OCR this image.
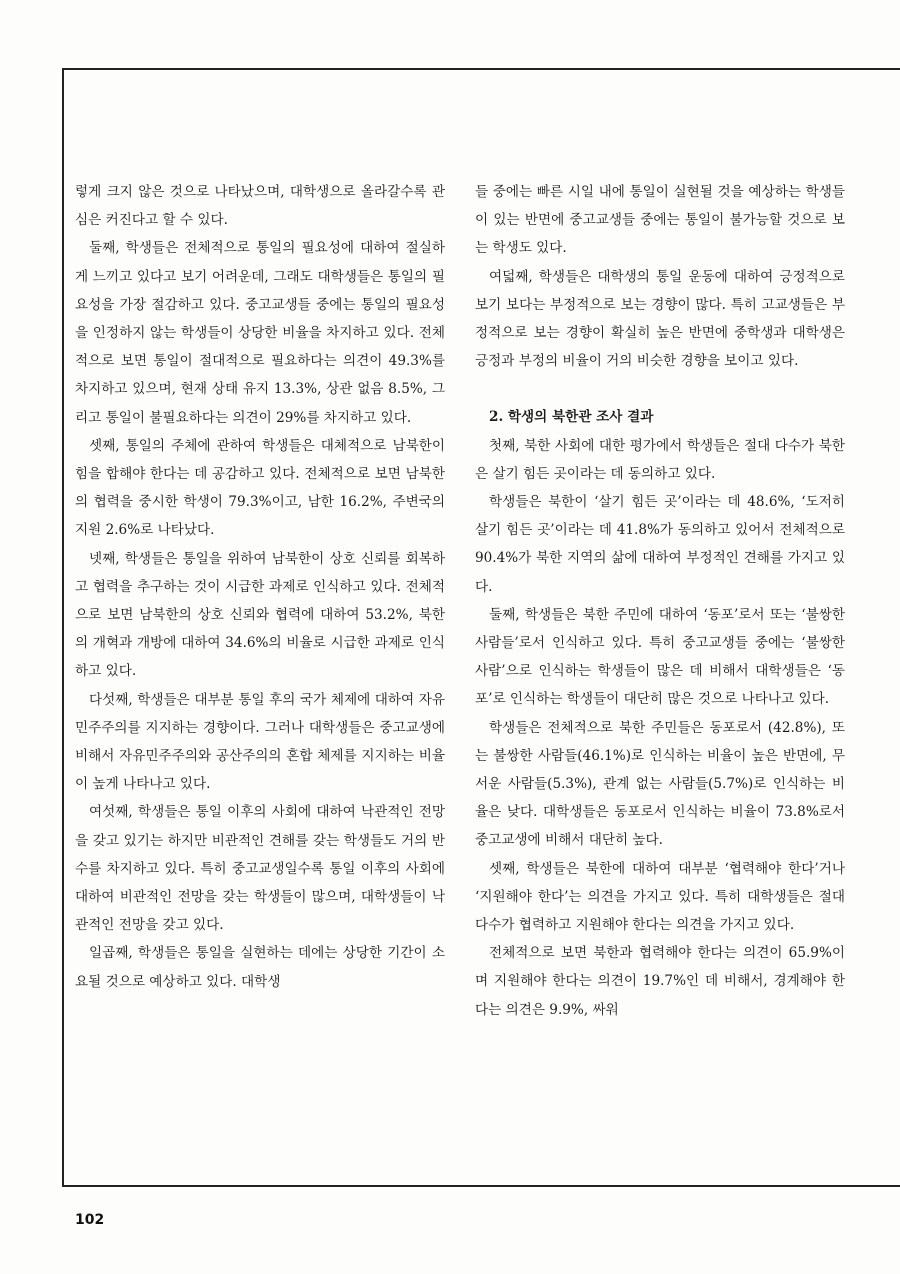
렇게 크지 않은 것으로 나타났으며, 대학생으로 올라갈수록 관심은 커진다고 할 수 있다.

둘째, 학생들은 전체적으로 통일의 필요성에 대하여 절실하게 느끼고 있다고 보기 어려운데, 그래도 대학생들은 통일의 필요성을 가장 절감하고 있다. 중고교생들 중에는 통일의 필요성을 인정하지 않는 학생들이 상당한 비율을 차지하고 있다. 전체적으로 보면 통일이 절대적으로 필요하다는 의견이 49.3%를 차지하고 있으며, 현재 상태 유지 13.3%, 상관 없음 8.5%, 그리고 통일이 불필요하다는 의견이 29%를 차지하고 있다.

셋째, 통일의 주체에 관하여 학생들은 대체적으로 남북한이 힘을 합해야 한다는 데 공감하고 있다. 전체적으로 보면 남북한의 협력을 중시한 학생이 79.3%이고, 남한 16.2%, 주변국의 지원 2.6%로 나타났다.

넷째, 학생들은 통일을 위하여 남북한이 상호 신뢰를 회복하고 협력을 추구하는 것이 시급한 과제로 인식하고 있다. 전체적으로 보면 남북한의 상호 신뢰와 협력에 대하여 53.2%, 북한의 개혁과 개방에 대하여 34.6%의 비율로 시급한 과제로 인식하고 있다.

다섯째, 학생들은 대부분 통일 후의 국가 체제에 대하여 자유민주주의를 지지하는 경향이다. 그러나 대학생들은 중고교생에 비해서 자유민주주의와 공산주의의 혼합 체제를 지지하는 비율이 높게 나타나고 있다.

여섯째, 학생들은 통일 이후의 사회에 대하여 낙관적인 전망을 갖고 있기는 하지만 비관적인 견해를 갖는 학생들도 거의 반수를 차지하고 있다. 특히 중고교생일수록 통일 이후의 사회에 대하여 비관적인 전망을 갖는 학생들이 많으며, 대학생들이 낙관적인 전망을 갖고 있다.

일곱째, 학생들은 통일을 실현하는 데에는 상당한 기간이 소요될 것으로 예상하고 있다. 대학생

들 중에는 빠른 시일 내에 통일이 실현될 것을 예상하는 학생들이 있는 반면에 중고교생들 중에는 통일이 불가능할 것으로 보는 학생도 있다.

여덟째, 학생들은 대학생의 통일 운동에 대하여 긍정적으로 보기 보다는 부정적으로 보는 경향이 많다. 특히 고교생들은 부정적으로 보는 경향이 확실히 높은 반면에 중학생과 대학생은 긍정과 부정의 비율이 거의 비슷한 경향을 보이고 있다.

2. 학생의 북한관 조사 결과

첫째, 북한 사회에 대한 평가에서 학생들은 절대 다수가 북한은 살기 힘든 곳이라는 데 동의하고 있다.

학생들은 북한이 ‘살기 힘든 곳’이라는 데 48.6%, ‘도저히 살기 힘든 곳’이라는 데 41.8%가 동의하고 있어서 전체적으로 90.4%가 북한 지역의 삶에 대하여 부정적인 견해를 가지고 있다.

둘째, 학생들은 북한 주민에 대하여 ‘동포’로서 또는 ‘불쌍한 사람들’로서 인식하고 있다. 특히 중고교생들 중에는 ‘불쌍한 사람’으로 인식하는 학생들이 많은 데 비해서 대학생들은 ‘동포’로 인식하는 학생들이 대단히 많은 것으로 나타나고 있다.

학생들은 전체적으로 북한 주민들은 동포로서 (42.8%), 또는 불쌍한 사람들(46.1%)로 인식하는 비율이 높은 반면에, 무서운 사람들(5.3%), 관계 없는 사람들(5.7%)로 인식하는 비율은 낮다. 대학생들은 동포로서 인식하는 비율이 73.8%로서 중고교생에 비해서 대단히 높다.

셋째, 학생들은 북한에 대하여 대부분 ‘협력해야 한다’거나 ‘지원해야 한다’는 의견을 가지고 있다. 특히 대학생들은 절대 다수가 협력하고 지원해야 한다는 의견을 가지고 있다.

전체적으로 보면 북한과 협력해야 한다는 의견이 65.9%이며 지원해야 한다는 의견이 19.7%인 데 비해서, 경계해야 한다는 의견은 9.9%, 싸워

102
